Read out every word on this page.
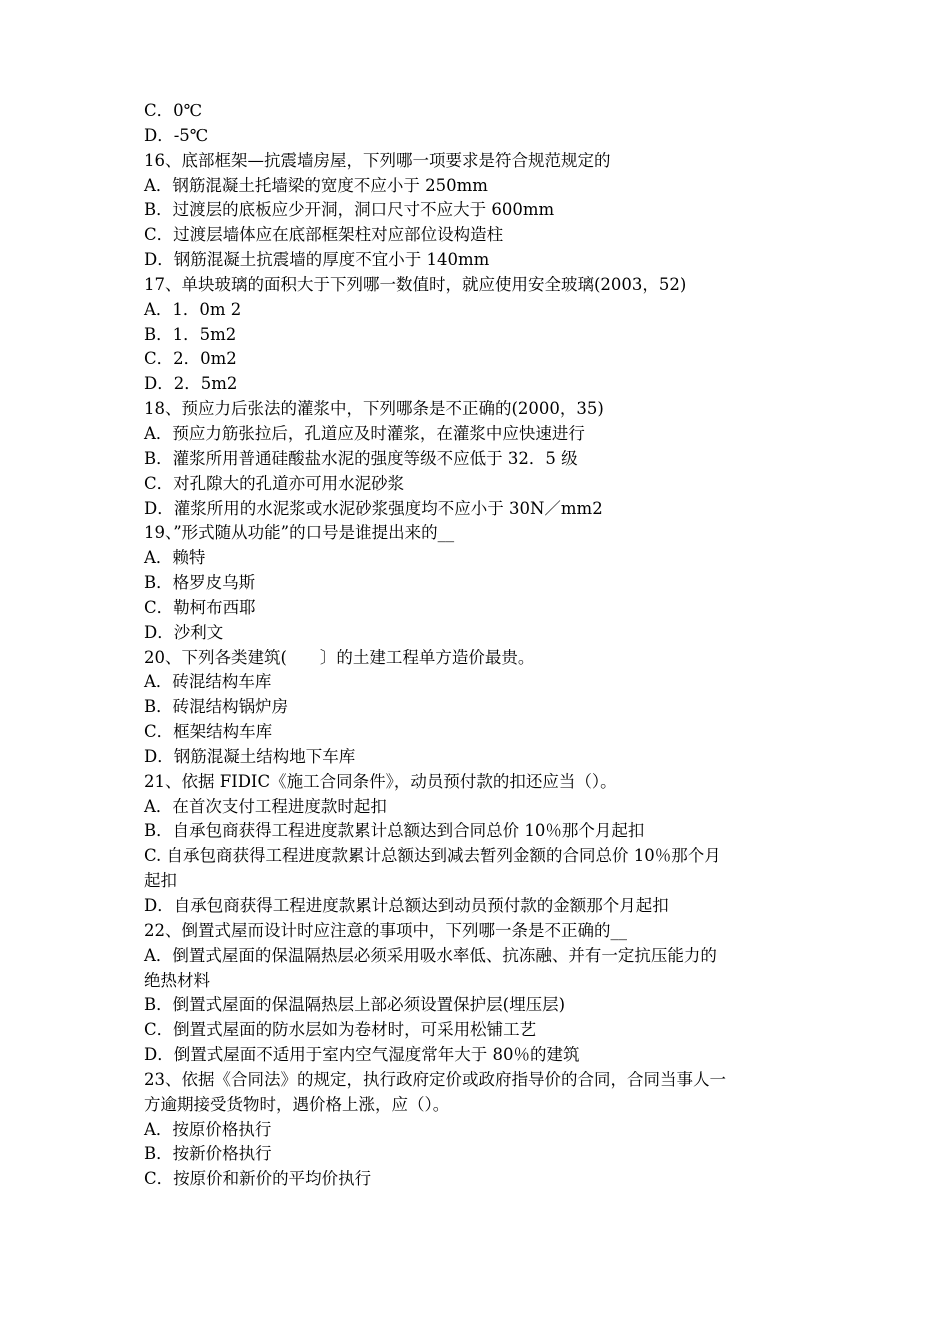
C．0℃
D．-5℃
16、底部框架—抗震墙房屋，下列哪一项要求是符合规范规定的
A．钢筋混凝土托墙梁的宽度不应小于 250mm
B．过渡层的底板应少开洞，洞口尺寸不应大于 600mm
C．过渡层墙体应在底部框架柱对应部位设构造柱
D．钢筋混凝土抗震墙的厚度不宜小于 140mm
17、单块玻璃的面积大于下列哪一数值时，就应使用安全玻璃(2003，52)
A．1．0m 2
B．1．5m2
C．2．0m2
D．2．5m2
18、预应力后张法的灌浆中，下列哪条是不正确的(2000，35)
A．预应力筋张拉后，孔道应及时灌浆，在灌浆中应快速进行
B．灌浆所用普通硅酸盐水泥的强度等级不应低于 32．5 级
C．对孔隙大的孔道亦可用水泥砂浆
D．灌浆所用的水泥浆或水泥砂浆强度均不应小于 30N／mm2
19、”形式随从功能”的口号是谁提出来的__
A．赖特
B．格罗皮乌斯
C．勒柯布西耶
D．沙利文
20、下列各类建筑(　　〕的土建工程单方造价最贵。
A．砖混结构车库
B．砖混结构锅炉房
C．框架结构车库
D．钢筋混凝土结构地下车库
21、依据 FIDIC《施工合同条件》，动员预付款的扣还应当（）。
A．在首次支付工程进度款时起扣
B．自承包商获得工程进度款累计总额达到合同总价 10％那个月起扣
C. 自承包商获得工程进度款累计总额达到减去暂列金额的合同总价 10％那个月
起扣
D．自承包商获得工程进度款累计总额达到动员预付款的金额那个月起扣
22、倒置式屋而设计时应注意的事项中，下列哪一条是不正确的__
A．倒置式屋面的保温隔热层必须采用吸水率低、抗冻融、并有一定抗压能力的
绝热材料
B．倒置式屋面的保温隔热层上部必须设置保护层(埋压层)
C．倒置式屋面的防水层如为卷材时，可采用松铺工艺
D．倒置式屋面不适用于室内空气湿度常年大于 80％的建筑
23、依据《合同法》的规定，执行政府定价或政府指导价的合同，合同当事人一
方逾期接受货物时，遇价格上涨，应（）。
A．按原价格执行
B．按新价格执行
C．按原价和新价的平均价执行
